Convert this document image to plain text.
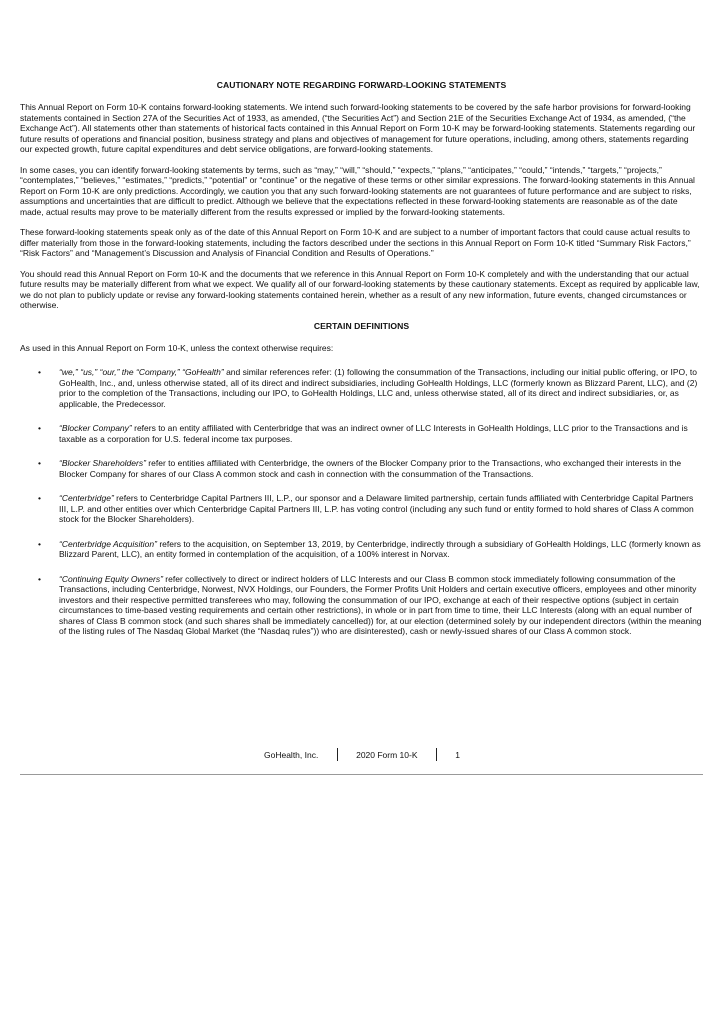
CAUTIONARY NOTE REGARDING FORWARD-LOOKING STATEMENTS

This Annual Report on Form 10-K contains forward-looking statements. We intend such forward-looking statements to be covered by the safe harbor provisions for forward-looking statements contained in Section 27A of the Securities Act of 1933, as amended, (“the Securities Act”) and Section 21E of the Securities Exchange Act of 1934, as amended, (“the Exchange Act”). All statements other than statements of historical facts contained in this Annual Report on Form 10-K may be forward-looking statements. Statements regarding our future results of operations and financial position, business strategy and plans and objectives of management for future operations, including, among others, statements regarding our expected growth, future capital expenditures and debt service obligations, are forward-looking statements.

In some cases, you can identify forward-looking statements by terms, such as “may,” “will,” “should,” “expects,” “plans,” “anticipates,” “could,” “intends,” “targets,” “projects,” “contemplates,” “believes,” “estimates,” “predicts,” “potential” or “continue” or the negative of these terms or other similar expressions. The forward-looking statements in this Annual Report on Form 10-K are only predictions. Accordingly, we caution you that any such forward-looking statements are not guarantees of future performance and are subject to risks, assumptions and uncertainties that are difficult to predict. Although we believe that the expectations reflected in these forward-looking statements are reasonable as of the date made, actual results may prove to be materially different from the results expressed or implied by the forward-looking statements.

These forward-looking statements speak only as of the date of this Annual Report on Form 10-K and are subject to a number of important factors that could cause actual results to differ materially from those in the forward-looking statements, including the factors described under the sections in this Annual Report on Form 10-K titled “Summary Risk Factors,” “Risk Factors” and “Management’s Discussion and Analysis of Financial Condition and Results of Operations.”

You should read this Annual Report on Form 10-K and the documents that we reference in this Annual Report on Form 10-K completely and with the understanding that our actual future results may be materially different from what we expect. We qualify all of our forward-looking statements by these cautionary statements. Except as required by applicable law, we do not plan to publicly update or revise any forward-looking statements contained herein, whether as a result of any new information, future events, changed circumstances or otherwise.

CERTAIN DEFINITIONS

As used in this Annual Report on Form 10-K, unless the context otherwise requires:

• “we,” “us,” “our,” the “Company,” “GoHealth” and similar references refer: (1) following the consummation of the Transactions, including our initial public offering, or IPO, to GoHealth, Inc., and, unless otherwise stated, all of its direct and indirect subsidiaries, including GoHealth Holdings, LLC (formerly known as Blizzard Parent, LLC), and (2) prior to the completion of the Transactions, including our IPO, to GoHealth Holdings, LLC and, unless otherwise stated, all of its direct and indirect subsidiaries, or, as applicable, the Predecessor.
• “Blocker Company” refers to an entity affiliated with Centerbridge that was an indirect owner of LLC Interests in GoHealth Holdings, LLC prior to the Transactions and is taxable as a corporation for U.S. federal income tax purposes.
• “Blocker Shareholders” refer to entities affiliated with Centerbridge, the owners of the Blocker Company prior to the Transactions, who exchanged their interests in the Blocker Company for shares of our Class A common stock and cash in connection with the consummation of the Transactions.
• “Centerbridge” refers to Centerbridge Capital Partners III, L.P., our sponsor and a Delaware limited partnership, certain funds affiliated with Centerbridge Capital Partners III, L.P. and other entities over which Centerbridge Capital Partners III, L.P. has voting control (including any such fund or entity formed to hold shares of Class A common stock for the Blocker Shareholders).
• “Centerbridge Acquisition” refers to the acquisition, on September 13, 2019, by Centerbridge, indirectly through a subsidiary of GoHealth Holdings, LLC (formerly known as Blizzard Parent, LLC), an entity formed in contemplation of the acquisition, of a 100% interest in Norvax.
• “Continuing Equity Owners” refer collectively to direct or indirect holders of LLC Interests and our Class B common stock immediately following consummation of the Transactions, including Centerbridge, Norwest, NVX Holdings, our Founders, the Former Profits Unit Holders and certain executive officers, employees and other minority investors and their respective permitted transferees who may, following the consummation of our IPO, exchange at each of their respective options (subject in certain circumstances to time-based vesting requirements and certain other restrictions), in whole or in part from time to time, their LLC Interests (along with an equal number of shares of Class B common stock (and such shares shall be immediately cancelled)) for, at our election (determined solely by our independent directors (within the meaning of the listing rules of The Nasdaq Global Market (the “Nasdaq rules”)) who are disinterested), cash or newly-issued shares of our Class A common stock.
GoHealth, Inc.	2020 Form 10-K	1
